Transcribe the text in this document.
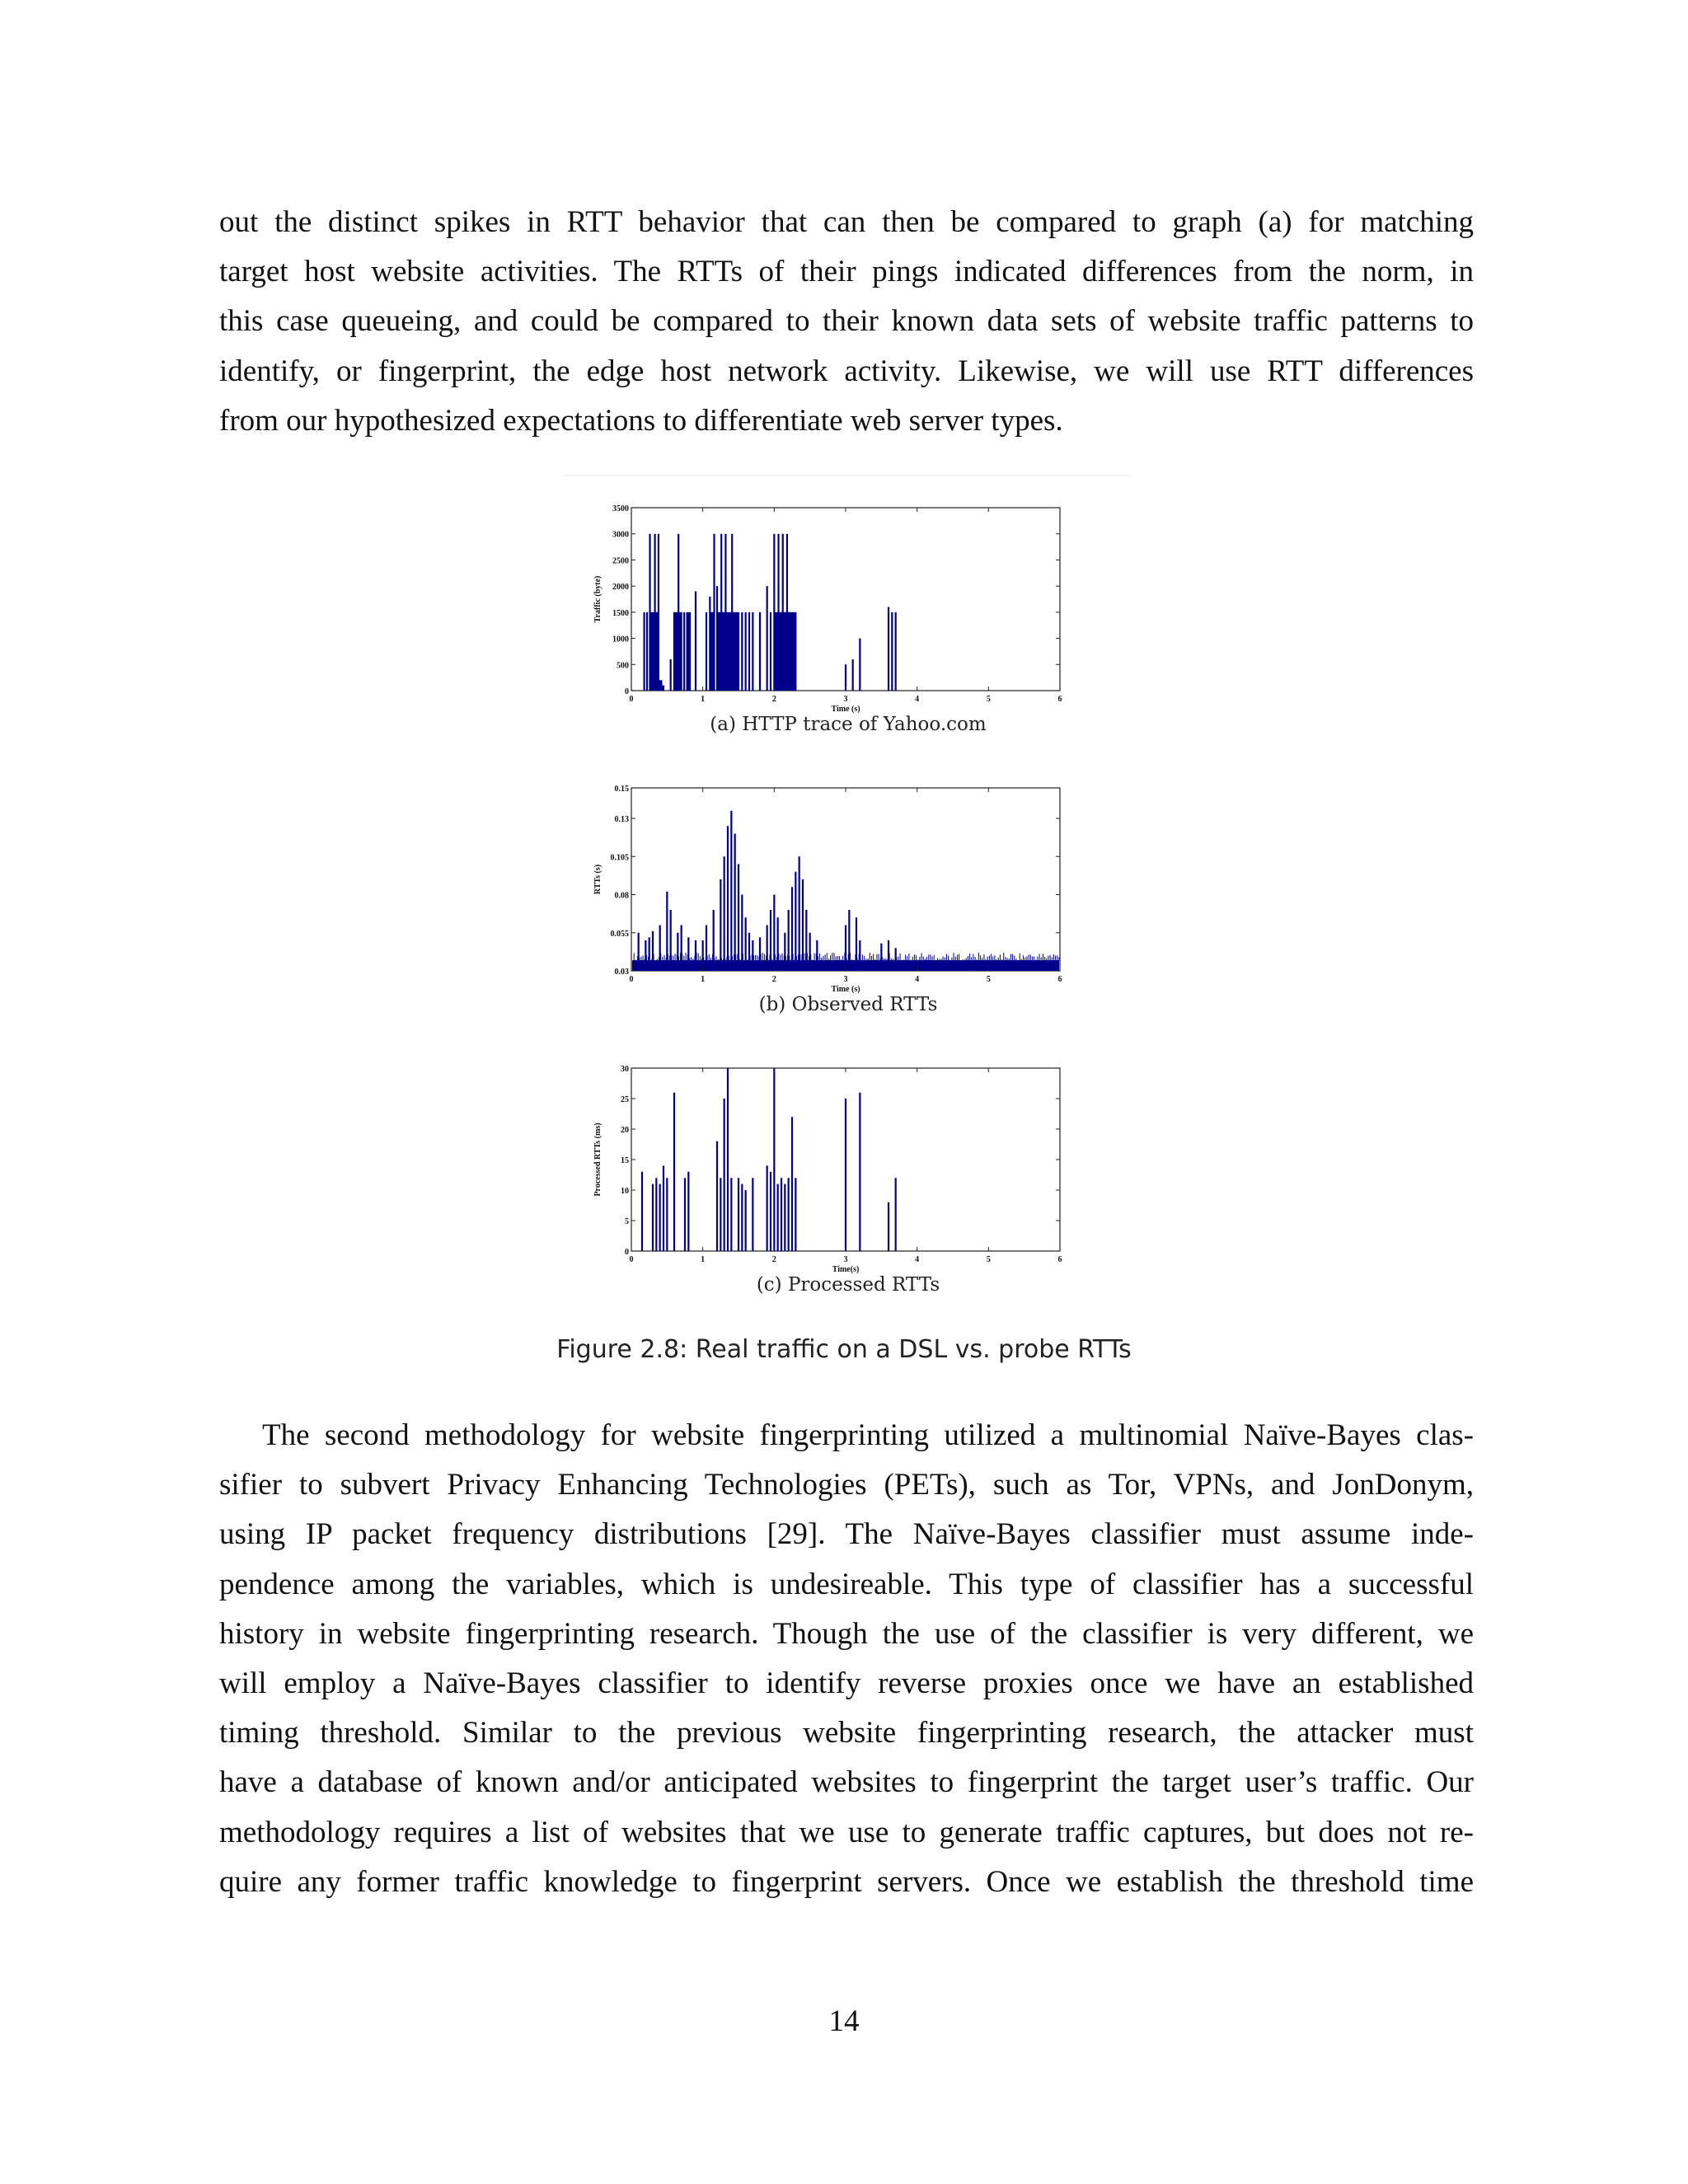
out the distinct spikes in RTT behavior that can then be compared to graph (a) for matching
target host website activities. The RTTs of their pings indicated differences from the norm, in
this case queueing, and could be compared to their known data sets of website traffic patterns to
identify, or fingerprint, the edge host network activity. Likewise, we will use RTT differences
from our hypothesized expectations to differentiate web server types.
0	1	2	3	4	5	6
0
500
1000
1500
2000
2500
3000
3500
Time (s)
Traffic (byte)
(a) HTTP trace of Yahoo.com
0	1	2	3	4	5	6
0.03
0.055
0.08
0.105
0.13
0.15
Time (s)
RTTs (s)
(b) Observed RTTs
0	1	2	3	4	5	6
0
5
10
15
20
25
30
Time(s)
Processed RTTs (ms)
(c) Processed RTTs
Figure 2.8: Real traffic on a DSL vs. probe RTTs
The second methodology for website fingerprinting utilized a multinomial Naïve-Bayes clas-
sifier to subvert Privacy Enhancing Technologies (PETs), such as Tor, VPNs, and JonDonym,
using IP packet frequency distributions [29]. The Naïve-Bayes classifier must assume inde-
pendence among the variables, which is undesireable. This type of classifier has a successful
history in website fingerprinting research. Though the use of the classifier is very different, we
will employ a Naïve-Bayes classifier to identify reverse proxies once we have an established
timing threshold. Similar to the previous website fingerprinting research, the attacker must
have a database of known and/or anticipated websites to fingerprint the target user’s traffic. Our
methodology requires a list of websites that we use to generate traffic captures, but does not re-
quire any former traffic knowledge to fingerprint servers. Once we establish the threshold time
14
